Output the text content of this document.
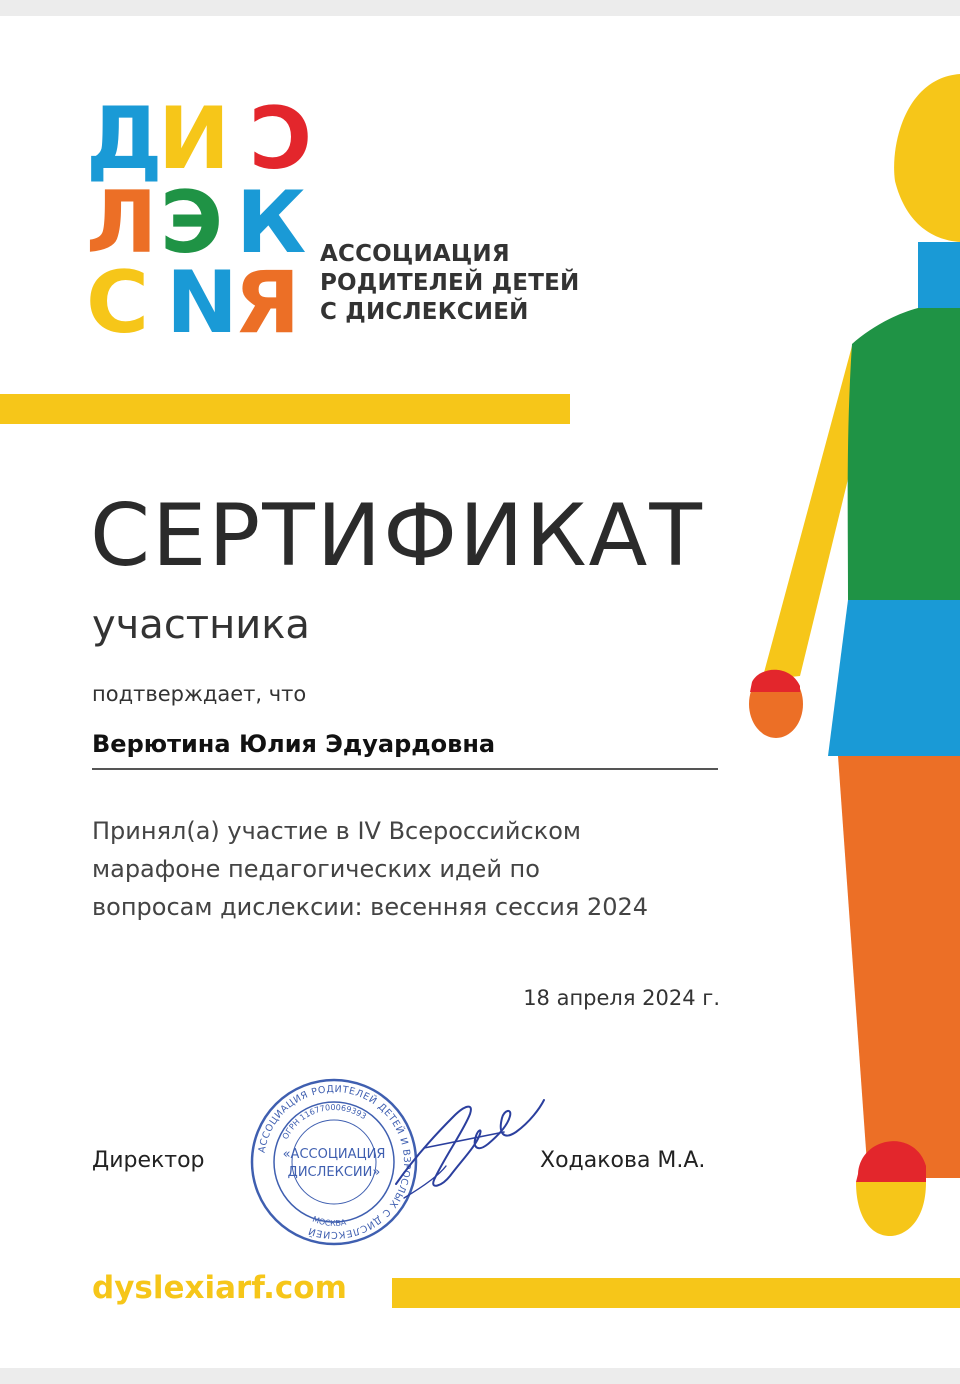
Д
И С
Л Э К
С И
Я АССОЦИАЦИЯ
РОДИТЕЛЕЙ ДЕТЕЙ
С ДИСЛЕКСИЕЙ
СЕРТИФИКАТ
участника
подтверждает, что
Верютина Юлия Эдуардовна
Принял(а) участие в IV Всероссийском
марафоне педагогических идей по
вопросам дислексии: весенняя сессия 2024
18 апреля 2024 г.
Директор	Ходакова М.А.
АССОЦИАЦИЯ РОДИТЕЛЕЙ ДЕТЕЙ И ВЗРОСЛЫХ С ДИСЛЕКСИЕЙ
ОГРН 1167700069393
МОСКВА
«АССОЦИАЦИЯ
ДИСЛЕКСИИ»
dyslexiarf.com
